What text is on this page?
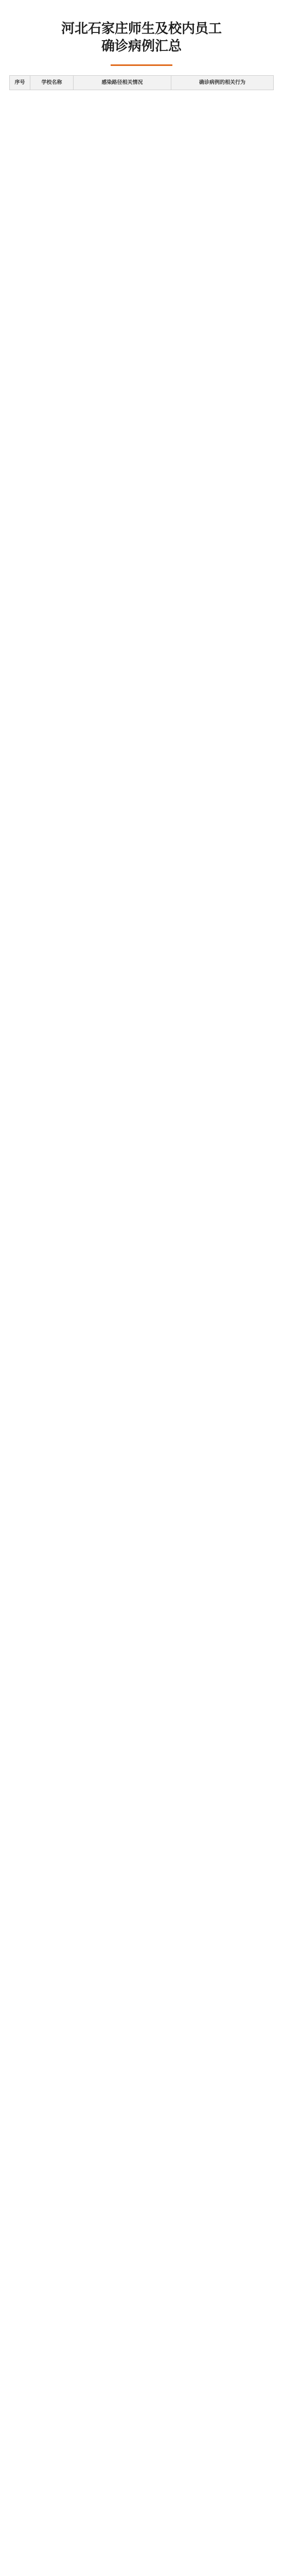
河北石家庄师生及校内员工
确诊病例汇总
序号	学校名称	感染路径相关情况	确诊病例的相关行为
